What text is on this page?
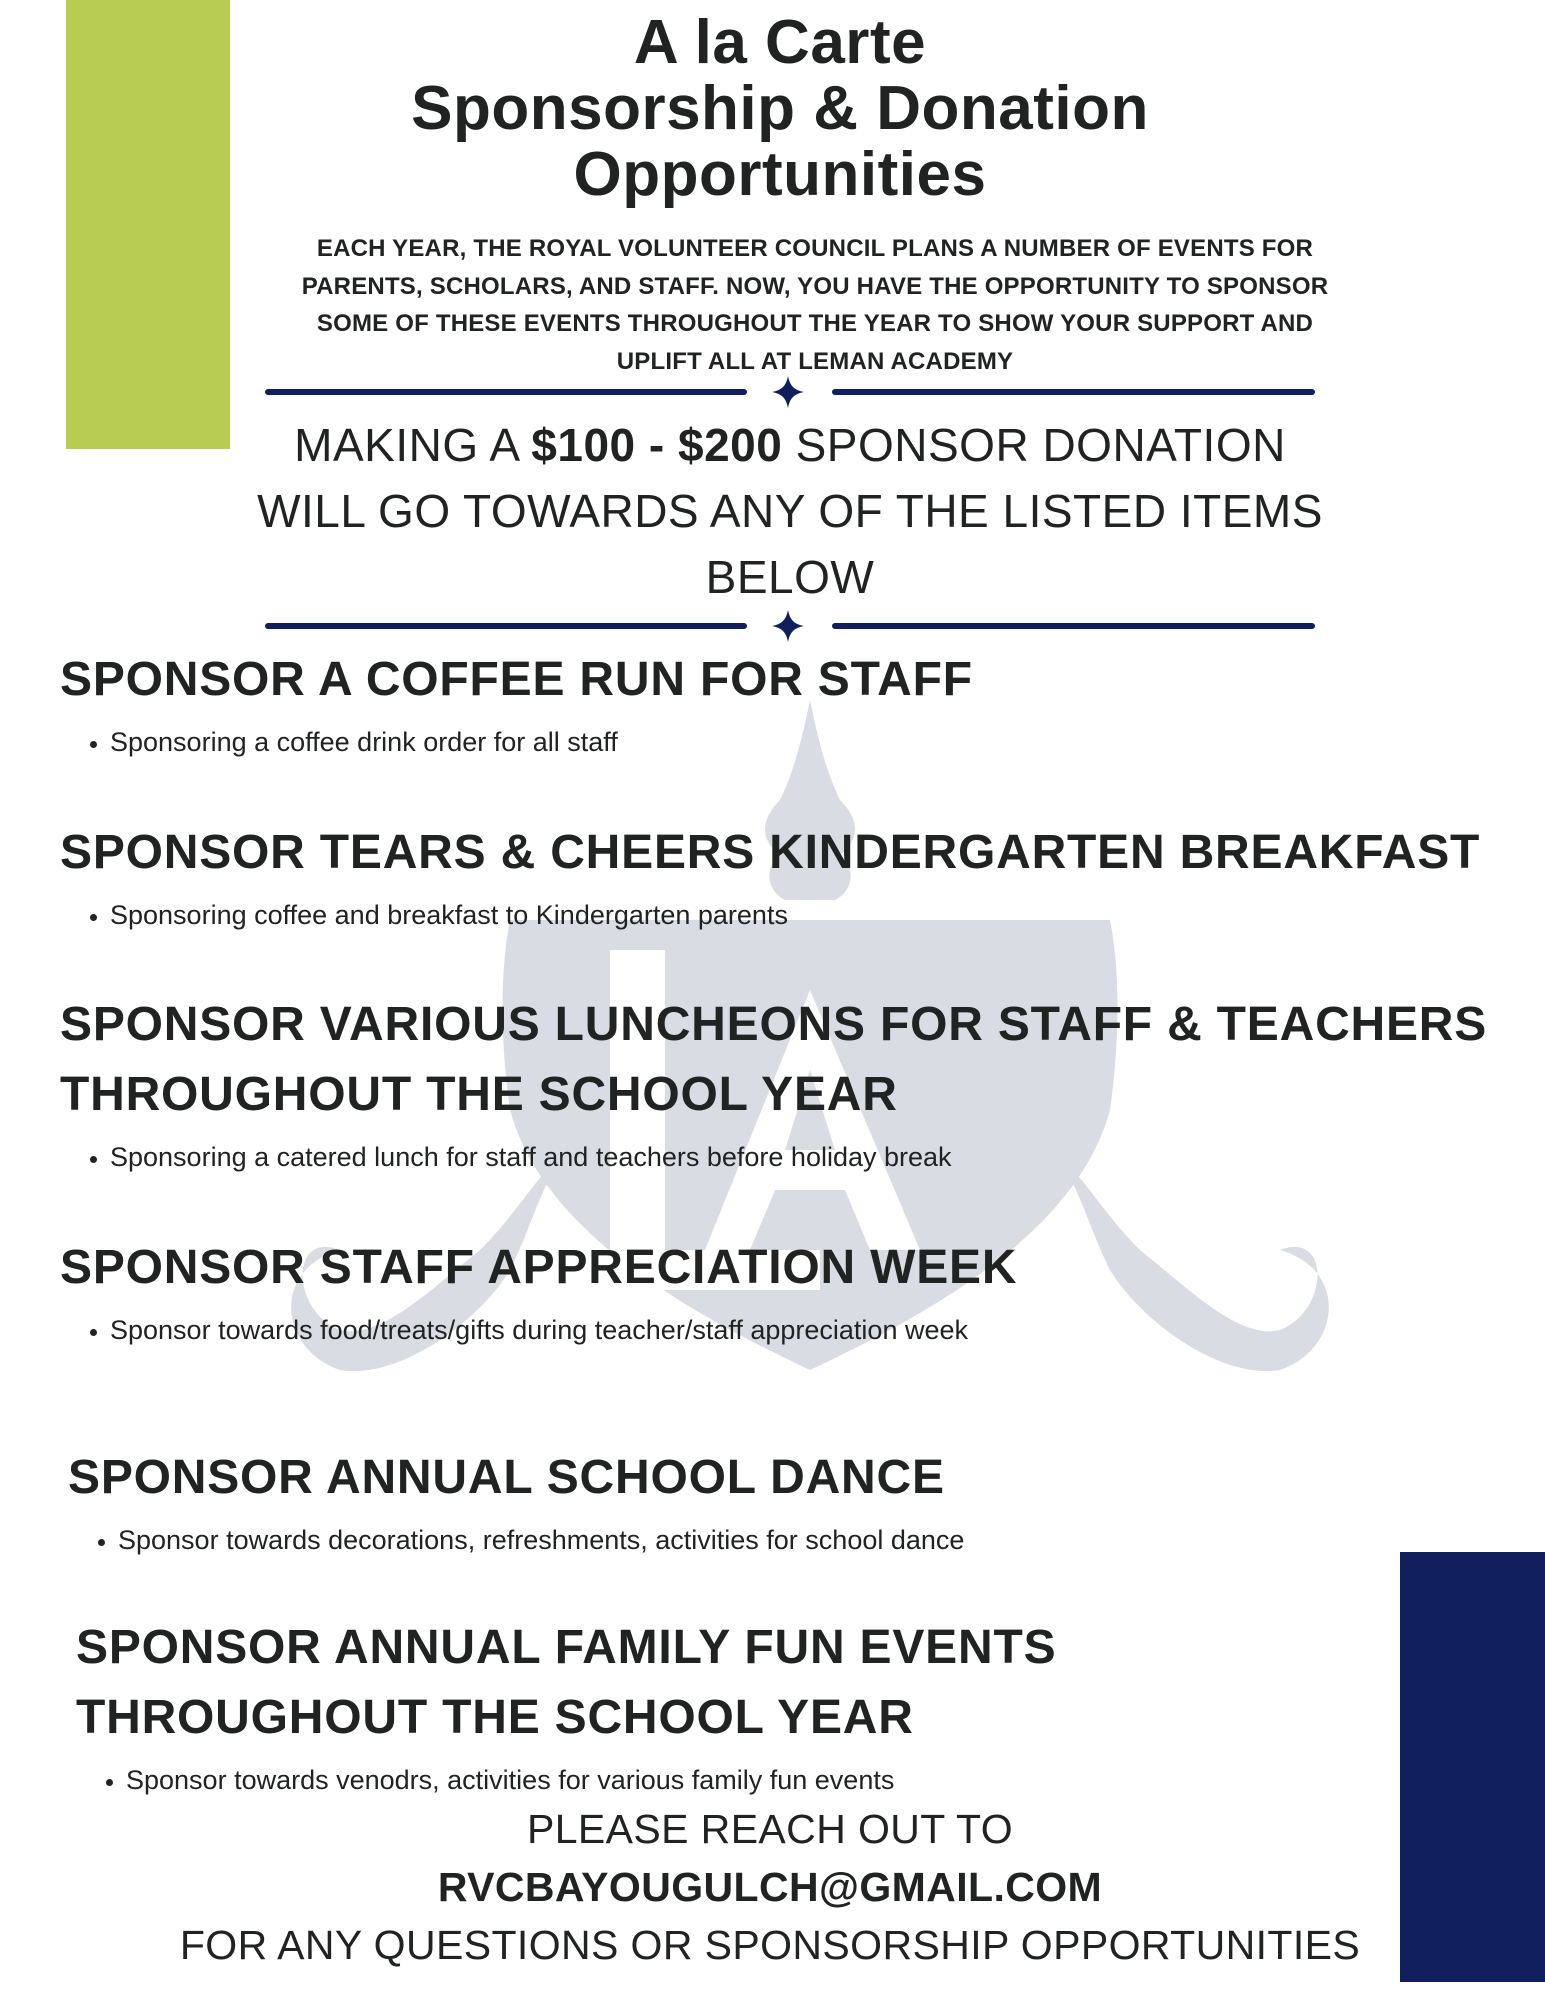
A la Carte
Sponsorship & Donation
Opportunities
EACH YEAR, THE ROYAL VOLUNTEER COUNCIL PLANS A NUMBER OF EVENTS FOR
PARENTS, SCHOLARS, AND STAFF. NOW, YOU HAVE THE OPPORTUNITY TO SPONSOR
SOME OF THESE EVENTS THROUGHOUT THE YEAR TO SHOW YOUR SUPPORT AND
UPLIFT ALL AT LEMAN ACADEMY
MAKING A $100 - $200 SPONSOR DONATION
WILL GO TOWARDS ANY OF THE LISTED ITEMS
BELOW
SPONSOR A COFFEE RUN FOR STAFF
• Sponsoring a coffee drink order for all staff
SPONSOR TEARS & CHEERS KINDERGARTEN BREAKFAST
• Sponsoring coffee and breakfast to Kindergarten parents
SPONSOR VARIOUS LUNCHEONS FOR STAFF & TEACHERS
THROUGHOUT THE SCHOOL YEAR
• Sponsoring a catered lunch for staff and teachers before holiday break
SPONSOR STAFF APPRECIATION WEEK
• Sponsor towards food/treats/gifts during teacher/staff appreciation week
SPONSOR ANNUAL SCHOOL DANCE
• Sponsor towards decorations, refreshments, activities for school dance
SPONSOR ANNUAL FAMILY FUN EVENTS
THROUGHOUT THE SCHOOL YEAR
• Sponsor towards venodrs, activities for various family fun events
PLEASE REACH OUT TO
RVCBAYOUGULCH@GMAIL.COM
FOR ANY QUESTIONS OR SPONSORSHIP OPPORTUNITIES
